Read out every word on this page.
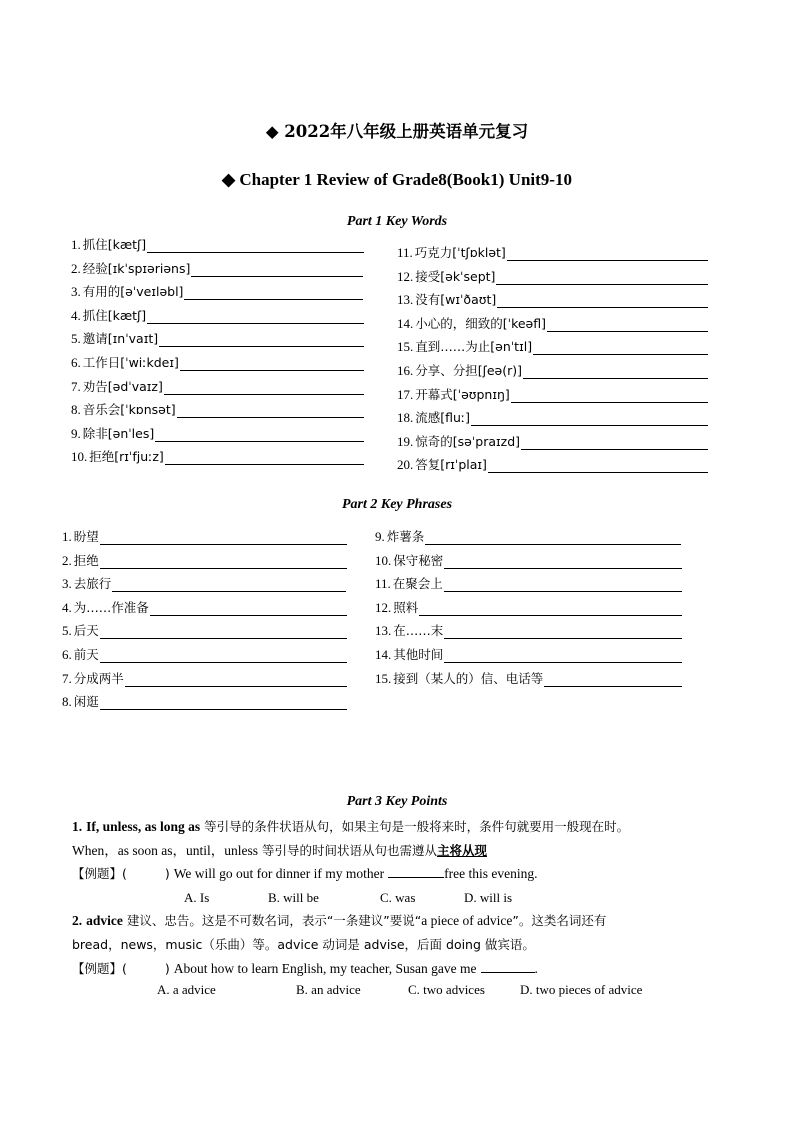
◆ 2022年八年级上册英语单元复习
◆ Chapter 1 Review of Grade8(Book1) Unit9-10
Part 1 Key Words
1. 抓住[kætʃ]
2. 经验[ɪkˈspɪəriəns]
3. 有用的[əˈveɪləbl]
4. 抓住[kætʃ]
5. 邀请[ɪnˈvaɪt]
6. 工作日[ˈwiːkdeɪ]
7. 劝告[ədˈvaɪz]
8. 音乐会[ˈkɒnsət]
9. 除非[ənˈles]
10. 拒绝[rɪˈfjuːz]
11. 巧克力[ˈtʃɒklət]
12. 接受[əkˈsept]
13. 没有[wɪˈðaʊt]
14. 小心的，细致的[ˈkeəfl]
15. 直到……为止[ənˈtɪl]
16. 分享、分担[ʃeə(r)]
17. 开幕式[ˈəʊpnɪŋ]
18. 流感[fluː]
19. 惊奇的[səˈpraɪzd]
20. 答复[rɪˈplaɪ]
Part 2 Key Phrases
1. 盼望
2. 拒绝
3. 去旅行
4. 为……作准备
5. 后天
6. 前天
7. 分成两半
8. 闲逛
9. 炸薯条
10. 保守秘密
11. 在聚会上
12. 照料
13. 在……末
14. 其他时间
15. 接到（某人的）信、电话等
Part 3 Key Points
1. If, unless, as long as 等引导的条件状语从句，如果主句是一般将来时，条件句就要用一般现在时。
When，as soon as，until，unless 等引导的时间状语从句也需遵从主将从现
【例题】(	) We will go out for dinner if my mother	free this evening.
A. Is	B. will be	C. was	D. will is
2. advice 建议、忠告。这是不可数名词，表示“一条建议”要说“a piece of advice”。这类名词还有
bread，news，music（乐曲）等。advice 动词是 advise，后面 doing 做宾语。
【例题】(	) About how to learn English, my teacher, Susan gave me	.
A. a advice	B. an advice	C. two advices	D. two pieces of advice
